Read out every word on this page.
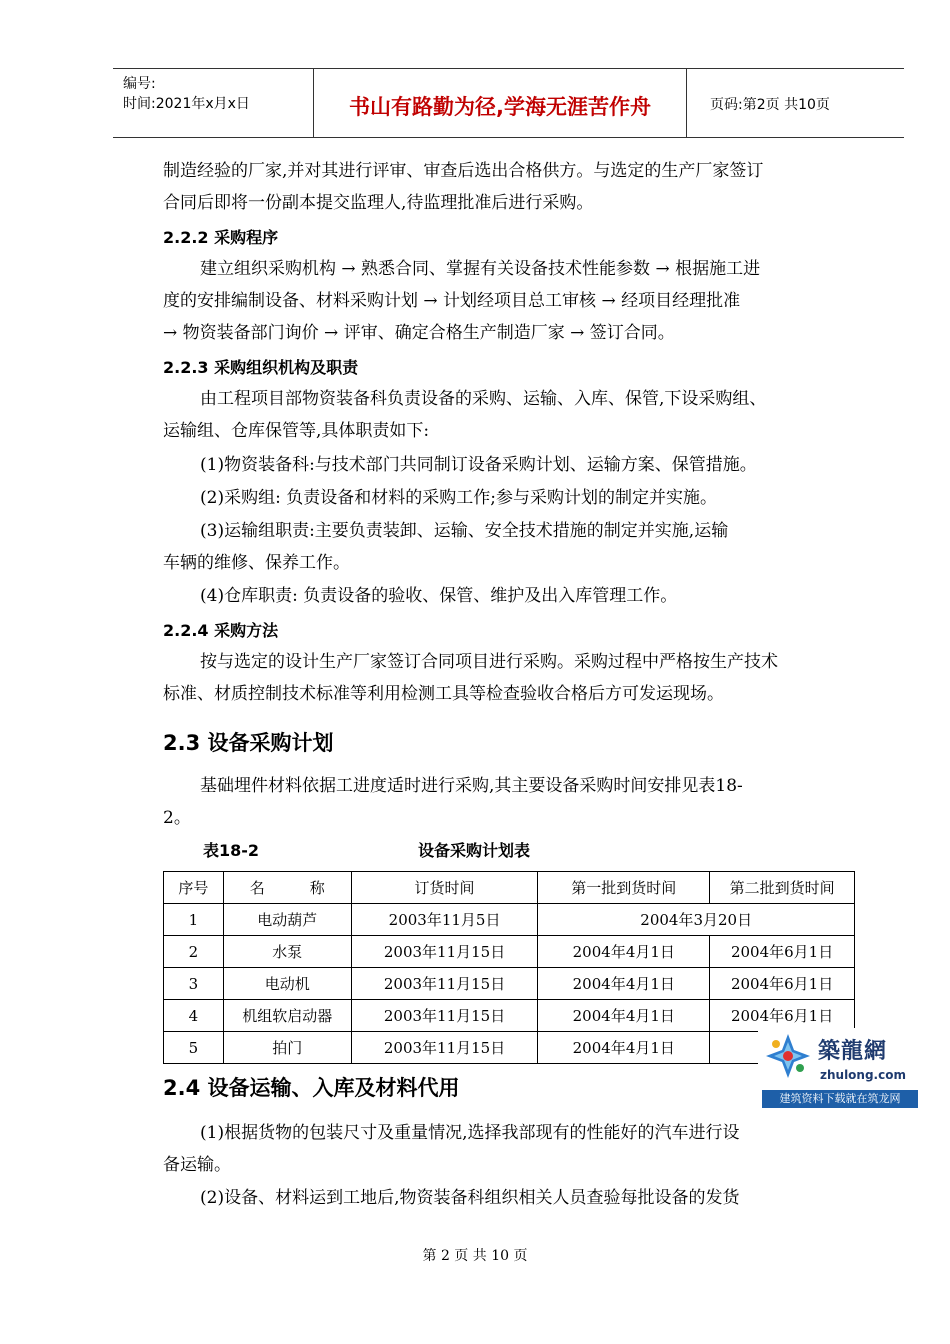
编号:
时间:2021年x月x日	书山有路勤为径,学海无涯苦作舟	页码:第2页 共10页
制造经验的厂家,并对其进行评审、审查后选出合格供方。与选定的生产厂家签订
合同后即将一份副本提交监理人,待监理批准后进行采购。
2.2.2 采购程序
建立组织采购机构 → 熟悉合同、掌握有关设备技术性能参数 → 根据施工进
度的安排编制设备、材料采购计划 → 计划经项目总工审核 → 经项目经理批准
→ 物资装备部门询价 → 评审、确定合格生产制造厂家 → 签订合同。
2.2.3 采购组织机构及职责
由工程项目部物资装备科负责设备的采购、运输、入库、保管,下设采购组、
运输组、仓库保管等,具体职责如下:
(1)物资装备科:与技术部门共同制订设备采购计划、运输方案、保管措施。
(2)采购组: 负责设备和材料的采购工作;参与采购计划的制定并实施。
(3)运输组职责:主要负责装卸、运输、安全技术措施的制定并实施,运输
车辆的维修、保养工作。
(4)仓库职责: 负责设备的验收、保管、维护及出入库管理工作。
2.2.4 采购方法
按与选定的设计生产厂家签订合同项目进行采购。采购过程中严格按生产技术
标准、材质控制技术标准等利用检测工具等检查验收合格后方可发运现场。
2.3 设备采购计划
基础埋件材料依据工进度适时进行采购,其主要设备采购时间安排见表18-
2。
表18-2	设备采购计划表
序号	名　　　称	订货时间	第一批到货时间	第二批到货时间
1	电动葫芦	2003年11月5日	2004年3月20日	
2	水泵	2003年11月15日	2004年4月1日	2004年6月1日
3	电动机	2003年11月15日	2004年4月1日	2004年6月1日
4	机组软启动器	2003年11月15日	2004年4月1日	2004年6月1日
5	拍门	2003年11月15日	2004年4月1日	
2.4 设备运输、入库及材料代用
(1)根据货物的包装尺寸及重量情况,选择我部现有的性能好的汽车进行设
备运输。
(2)设备、材料运到工地后,物资装备科组织相关人员查验每批设备的发货
築龍網
zhulong.com
建筑资料下载就在筑龙网
第 2 页 共 10 页
